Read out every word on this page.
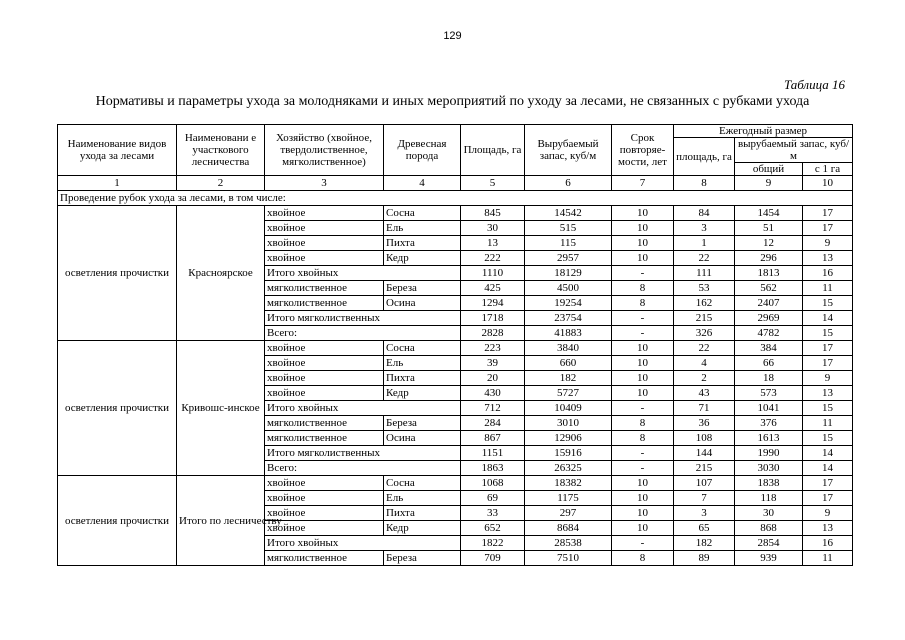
129
Таблица 16
Нормативы и параметры ухода за молодняками и иных мероприятий по уходу за лесами, не связанных с рубками ухода
Наименование видов ухода за лесами	Наименовани е участкового лесничества	Хозяйство (хвойное, твердолиственное, мягколиственное)	Древесная порода	Площадь, га	Вырубаемый запас, куб/м	Срок повторяе-мости, лет	Ежегодный размер		
							площадь, га	вырубаемый запас, куб/м	
								общий	с 1 га
1	2	3	4	5	6	7	8	9	10
Проведение рубок ухода за лесами, в том числе:									
осветления прочистки	Красноярское	хвойное	Сосна	845	14542	10	84	1454	17
		хвойное	Ель	30	515	10	3	51	17
		хвойное	Пихта	13	115	10	1	12	9
		хвойное	Кедр	222	2957	10	22	296	13
		Итого хвойных		1110	18129	-	111	1813	16
		мягколиственное	Береза	425	4500	8	53	562	11
		мягколиственное	Осина	1294	19254	8	162	2407	15
		Итого мягколиственных		1718	23754	-	215	2969	14
		Всего:		2828	41883	-	326	4782	15
осветления прочистки	Кривошс-инское	хвойное	Сосна	223	3840	10	22	384	17
		хвойное	Ель	39	660	10	4	66	17
		хвойное	Пихта	20	182	10	2	18	9
		хвойное	Кедр	430	5727	10	43	573	13
		Итого хвойных		712	10409	-	71	1041	15
		мягколиственное	Береза	284	3010	8	36	376	11
		мягколиственное	Осина	867	12906	8	108	1613	15
		Итого мягколиственных		1151	15916	-	144	1990	14
		Всего:		1863	26325	-	215	3030	14
осветления прочистки	Итого по лесничеству	хвойное	Сосна	1068	18382	10	107	1838	17
		хвойное	Ель	69	1175	10	7	118	17
		хвойное	Пихта	33	297	10	3	30	9
		хвойное	Кедр	652	8684	10	65	868	13
		Итого хвойных		1822	28538	-	182	2854	16
		мягколиственное	Береза	709	7510	8	89	939	11
